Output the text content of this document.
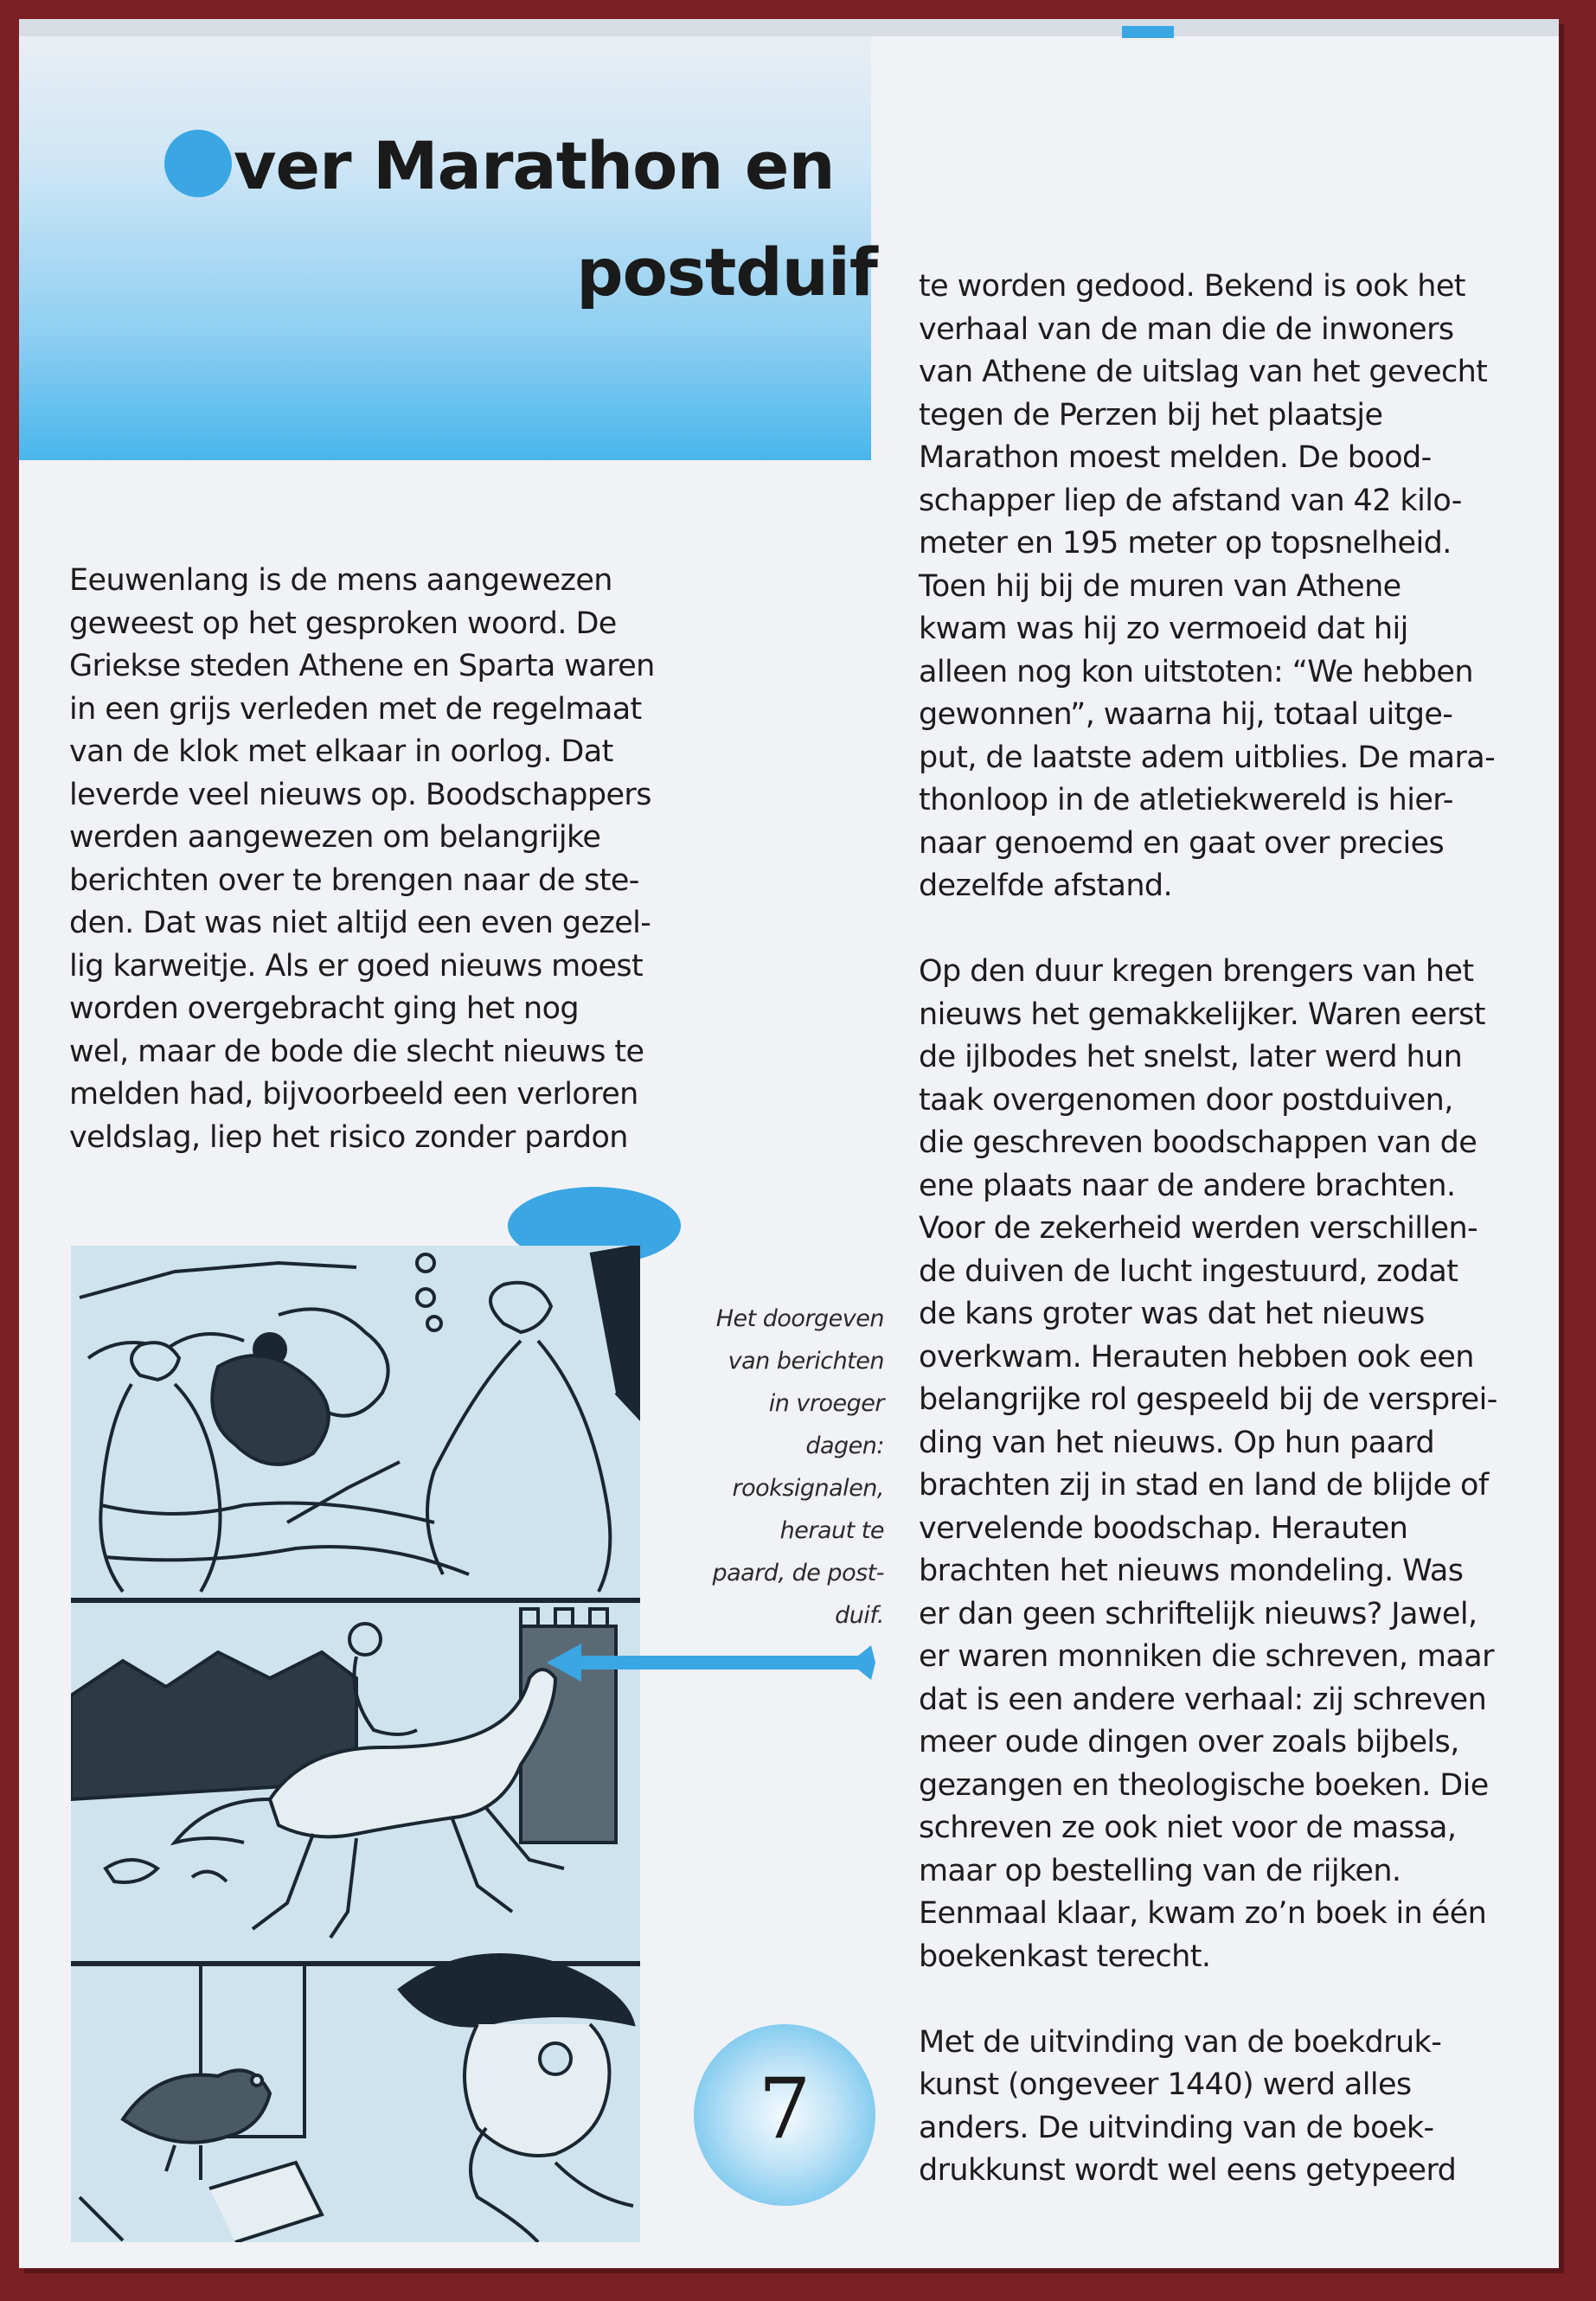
ver Marathon en
postduif
Eeuwenlang is de mens aangewezen
geweest op het gesproken woord. De
Griekse steden Athene en Sparta waren
in een grijs verleden met de regelmaat
van de klok met elkaar in oorlog. Dat
leverde veel nieuws op. Boodschappers
werden aangewezen om belangrijke
berichten over te brengen naar de ste-
den. Dat was niet altijd een even gezel-
lig karweitje. Als er goed nieuws moest
worden overgebracht ging het nog
wel, maar de bode die slecht nieuws te
melden had, bijvoorbeeld een verloren
veldslag, liep het risico zonder pardon
te worden gedood. Bekend is ook het
verhaal van de man die de inwoners
van Athene de uitslag van het gevecht
tegen de Perzen bij het plaatsje
Marathon moest melden. De bood-
schapper liep de afstand van 42 kilo-
meter en 195 meter op topsnelheid.
Toen hij bij de muren van Athene
kwam was hij zo vermoeid dat hij
alleen nog kon uitstoten: “We hebben
gewonnen”, waarna hij, totaal uitge-
put, de laatste adem uitblies. De mara-
thonloop in de atletiekwereld is hier-
naar genoemd en gaat over precies
dezelfde afstand.
Op den duur kregen brengers van het
nieuws het gemakkelijker. Waren eerst
de ijlbodes het snelst, later werd hun
taak overgenomen door postduiven,
die geschreven boodschappen van de
ene plaats naar de andere brachten.
Voor de zekerheid werden verschillen-
de duiven de lucht ingestuurd, zodat
de kans groter was dat het nieuws
overkwam. Herauten hebben ook een
belangrijke rol gespeeld bij de versprei-
ding van het nieuws. Op hun paard
brachten zij in stad en land de blijde of
vervelende boodschap. Herauten
brachten het nieuws mondeling. Was
er dan geen schriftelijk nieuws? Jawel,
er waren monniken die schreven, maar
dat is een andere verhaal: zij schreven
meer oude dingen over zoals bijbels,
gezangen en theologische boeken. Die
schreven ze ook niet voor de massa,
maar op bestelling van de rijken.
Eenmaal klaar, kwam zo’n boek in één
boekenkast terecht.
Met de uitvinding van de boekdruk-
kunst (ongeveer 1440) werd alles
anders. De uitvinding van de boek-
drukkunst wordt wel eens getypeerd
Het doorgeven
van berichten
in vroeger
dagen:
rooksignalen,
heraut te
paard, de post-
duif.
7
